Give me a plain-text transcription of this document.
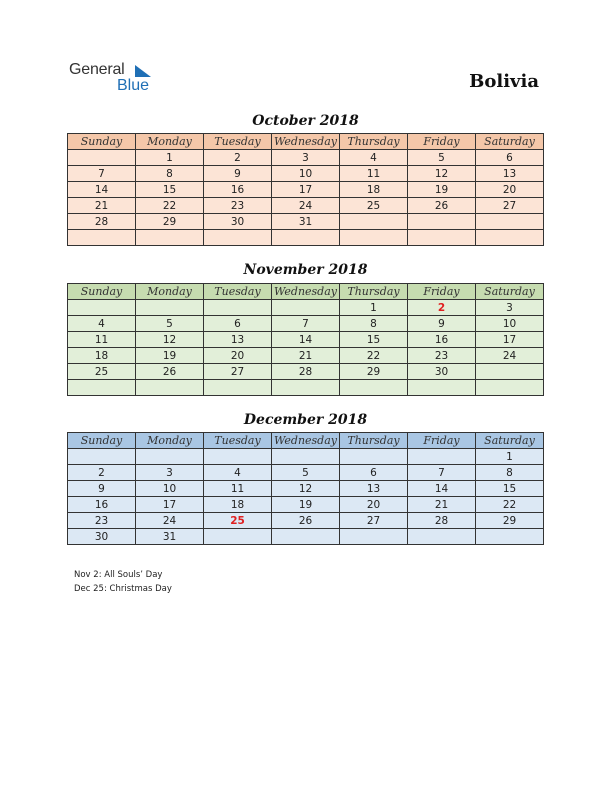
General
Blue	Bolivia
October 2018
Sunday	Monday	Tuesday	Wednesday	Thursday	Friday	Saturday
	1	2	3	4	5	6
7	8	9	10	11	12	13
14	15	16	17	18	19	20
21	22	23	24	25	26	27
28	29	30	31			

November 2018
Sunday	Monday	Tuesday	Wednesday	Thursday	Friday	Saturday
				1	2	3
4	5	6	7	8	9	10
11	12	13	14	15	16	17
18	19	20	21	22	23	24
25	26	27	28	29	30	

December 2018
Sunday	Monday	Tuesday	Wednesday	Thursday	Friday	Saturday
						1
2	3	4	5	6	7	8
9	10	11	12	13	14	15
16	17	18	19	20	21	22
23	24	25	26	27	28	29
30	31					
Nov 2: All Souls’ Day
Dec 25: Christmas Day
